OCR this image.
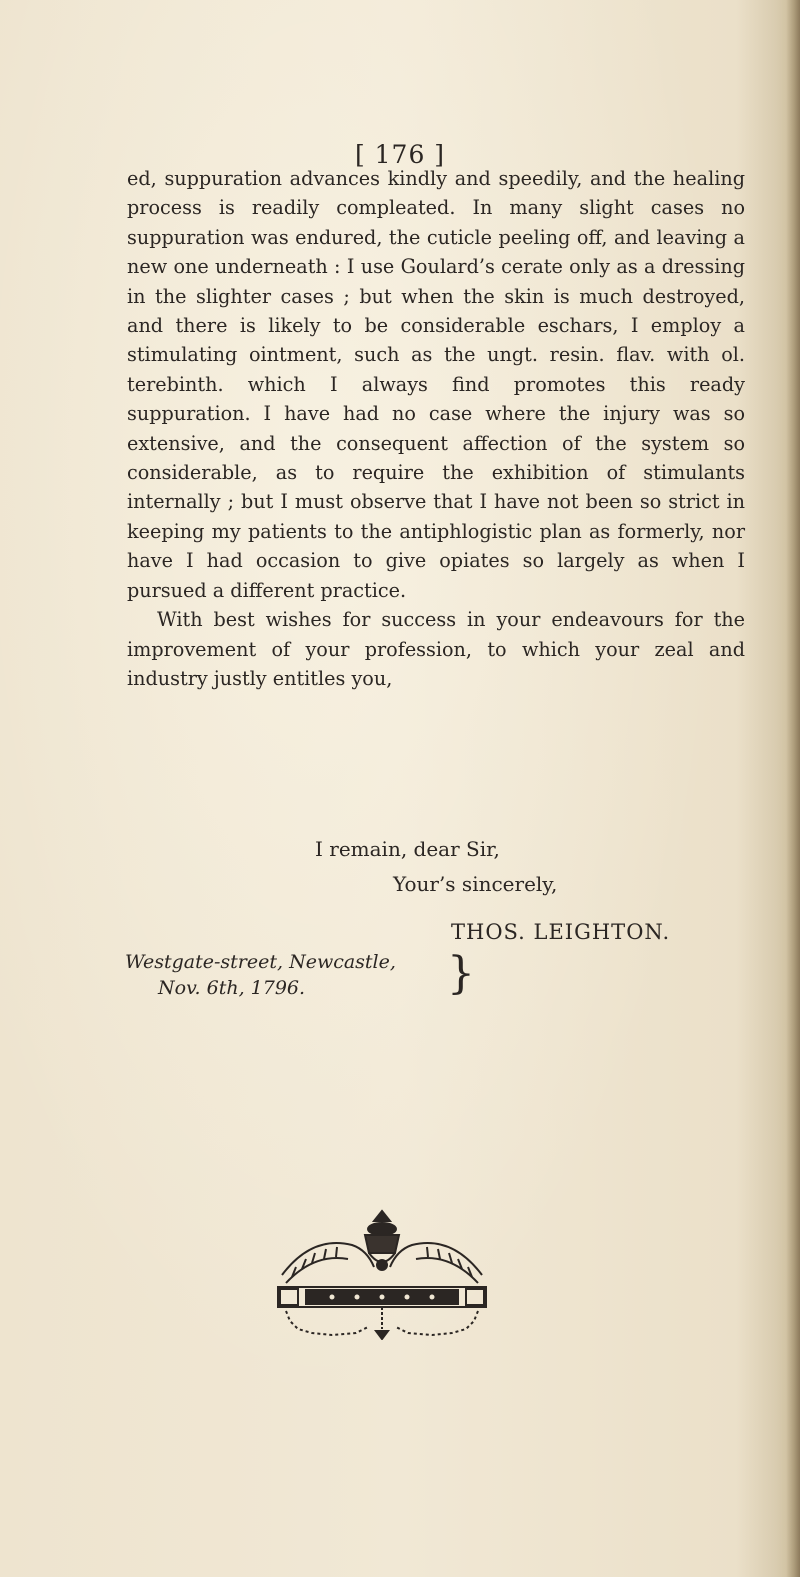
[ 176 ]

ed, suppuration advances kindly and speedily, and the healing process is readily compleated. In many slight cases no suppuration was endured, the cuticle peeling off, and leaving a new one underneath : I use Goulard’s cerate only as a dressing in the slighter cases ; but when the skin is much destroyed, and there is likely to be considerable eschars, I employ a stimulating ointment, such as the ungt. resin. flav. with ol. terebinth. which I always find promotes this ready suppuration. I have had no case where the injury was so extensive, and the consequent affection of the system so considerable, as to require the exhibition of stimulants internally ; but I must observe that I have not been so strict in keeping my patients to the antiphlogistic plan as formerly, nor have I had occasion to give opiates so largely as when I pursued a different practice.

With best wishes for success in your endeavours for the improvement of your profession, to which your zeal and industry justly entitles you,

I remain, dear Sir,
Your’s sincerely,
THOS. LEIGHTON.
Westgate-street, Newcastle,
Nov. 6th, 1796.	}
